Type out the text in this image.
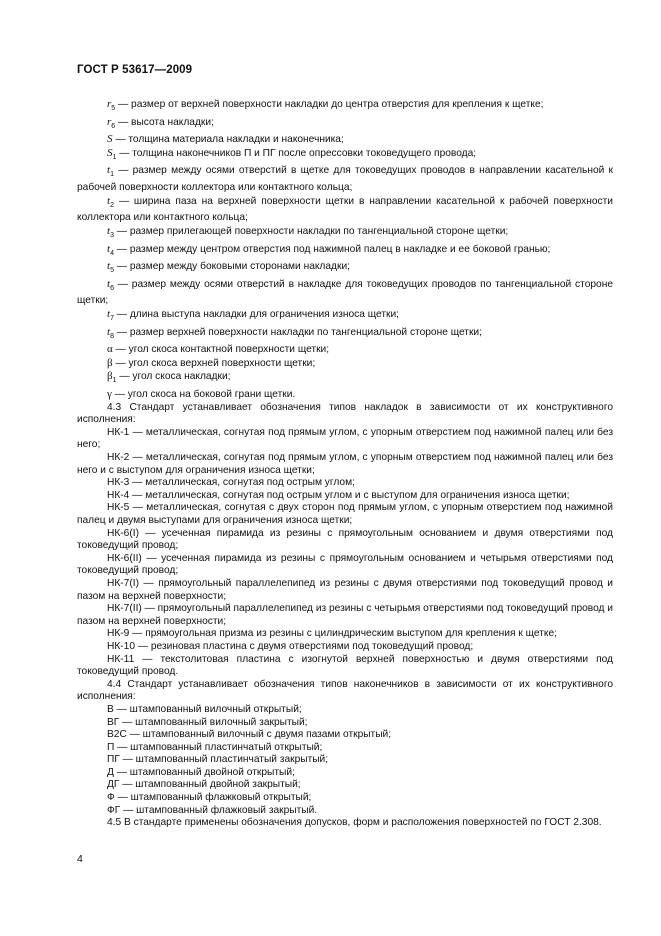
ГОСТ Р 53617—2009

$r_5$ — размер от верхней поверхности накладки до центра отверстия для крепления к щетке;

$r_6$ — высота накладки;

S — толщина материала накладки и наконечника;

$S_1$ — толщина наконечников П и ПГ после опрессовки токоведущего провода;

$t_1$ — размер между осями отверстий в щетке для токоведущих проводов в направлении касательной к рабочей поверхности коллектора или контактного кольца;

$t_2$ — ширина паза на верхней поверхности щетки в направлении касательной к рабочей поверхности коллектора или контактного кольца;

$t_3$ — размер прилегающей поверхности накладки по тангенциальной стороне щетки;

$t_4$ — размер между центром отверстия под нажимной палец в накладке и ее боковой гранью;

$t_5$ — размер между боковыми сторонами накладки;

$t_6$ — размер между осями отверстий в накладке для токоведущих проводов по тангенциальной стороне щетки;

$t_7$ — длина выступа накладки для ограничения износа щетки;

$t_8$ — размер верхней поверхности накладки по тангенциальной стороне щетки;

α — угол скоса контактной поверхности щетки;

β — угол скоса верхней поверхности щетки;

$\beta_1$ — угол скоса накладки;

γ — угол скоса на боковой грани щетки.

4.3 Стандарт устанавливает обозначения типов накладок в зависимости от их конструктивного исполнения:

НК-1 — металлическая, согнутая под прямым углом, с упорным отверстием под нажимной палец или без него;

НК-2 — металлическая, согнутая под прямым углом, с упорным отверстием под нажимной палец или без него и с выступом для ограничения износа щетки;

НК-3 — металлическая, согнутая под острым углом;

НК-4 — металлическая, согнутая под острым углом и с выступом для ограничения износа щетки;

НК-5 — металлическая, согнутая с двух сторон под прямым углом, с упорным отверстием под нажимной палец и двумя выступами для ограничения износа щетки;

НК-6(I) — усеченная пирамида из резины с прямоугольным основанием и двумя отверстиями под токоведущий провод;

НК-6(II) — усеченная пирамида из резины с прямоугольным основанием и четырьмя отверстиями под токоведущий провод;

НК-7(I) — прямоугольный параллелепипед из резины с двумя отверстиями под токоведущий провод и пазом на верхней поверхности;

НК-7(II) — прямоугольный параллелепипед из резины с четырьмя отверстиями под токоведущий провод и пазом на верхней поверхности;

НК-9 — прямоугольная призма из резины с цилиндрическим выступом для крепления к щетке;

НК-10 — резиновая пластина с двумя отверстиями под токоведущий провод;

НК-11 — текстолитовая пластина с изогнутой верхней поверхностью и двумя отверстиями под токоведущий провод.

4.4 Стандарт устанавливает обозначения типов наконечников в зависимости от их конструктивного исполнения:

В — штампованный вилочный открытый;

ВГ — штампованный вилочный закрытый;

В2С — штампованный вилочный с двумя пазами открытый;

П — штампованный пластинчатый открытый;

ПГ — штампованный пластинчатый закрытый;

Д — штампованный двойной открытый;

ДГ — штампованный двойной закрытый;

Ф — штампованный флажковый открытый;

ФГ — штампованный флажковый закрытый.

4.5 В стандарте применены обозначения допусков, форм и расположения поверхностей по ГОСТ 2.308.

4
